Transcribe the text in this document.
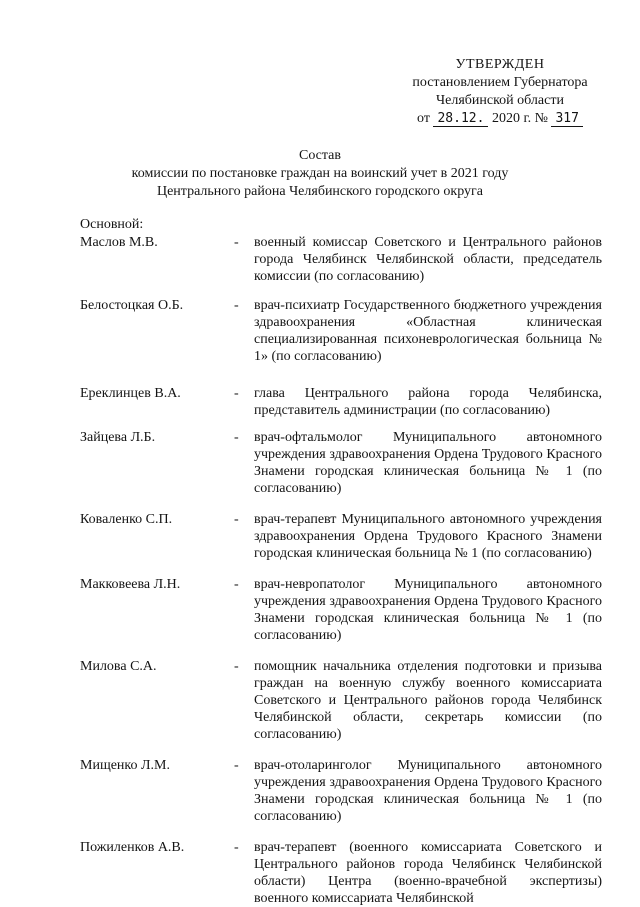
УТВЕРЖДЕН
постановлением Губернатора
Челябинской области
от 28.12. 2020 г. № 317
Состав
комиссии по постановке граждан на воинский учет в 2021 году
Центрального района Челябинского городского округа
Основной:
Маслов М.В.	-	военный комиссар Советского и Центрального районов города Челябинск Челябинской области, председатель комиссии (по согласованию)
Белостоцкая О.Б.	-	врач-психиатр Государственного бюджетного учреждения здравоохранения «Областная клиническая специализированная психоневрологическая больница № 1» (по согласованию)
Ереклинцев В.А.	-	глава Центрального района города Челябинска, представитель администрации (по согласованию)
Зайцева Л.Б.	-	врач-офтальмолог Муниципального автономного учреждения здравоохранения Ордена Трудового Красного Знамени городская клиническая больница № 1 (по согласованию)
Коваленко С.П.	-	врач-терапевт Муниципального автономного учреждения здравоохранения Ордена Трудового Красного Знамени городская клиническая больница № 1 (по согласованию)
Макковеева Л.Н.	-	врач-невропатолог Муниципального автономного учреждения здравоохранения Ордена Трудового Красного Знамени городская клиническая больница № 1 (по согласованию)
Милова С.А.	-	помощник начальника отделения подготовки и призыва граждан на военную службу военного комиссариата Советского и Центрального районов города Челябинск Челябинской области, секретарь комиссии (по согласованию)
Мищенко Л.М.	-	врач-отоларинголог Муниципального автономного учреждения здравоохранения Ордена Трудового Красного Знамени городская клиническая больница № 1 (по согласованию)
Пожиленков А.В.	-	врач-терапевт (военного комиссариата Советского и Центрального районов города Челябинск Челябинской области) Центра (военно-врачебной экспертизы) военного комиссариата Челябинской
